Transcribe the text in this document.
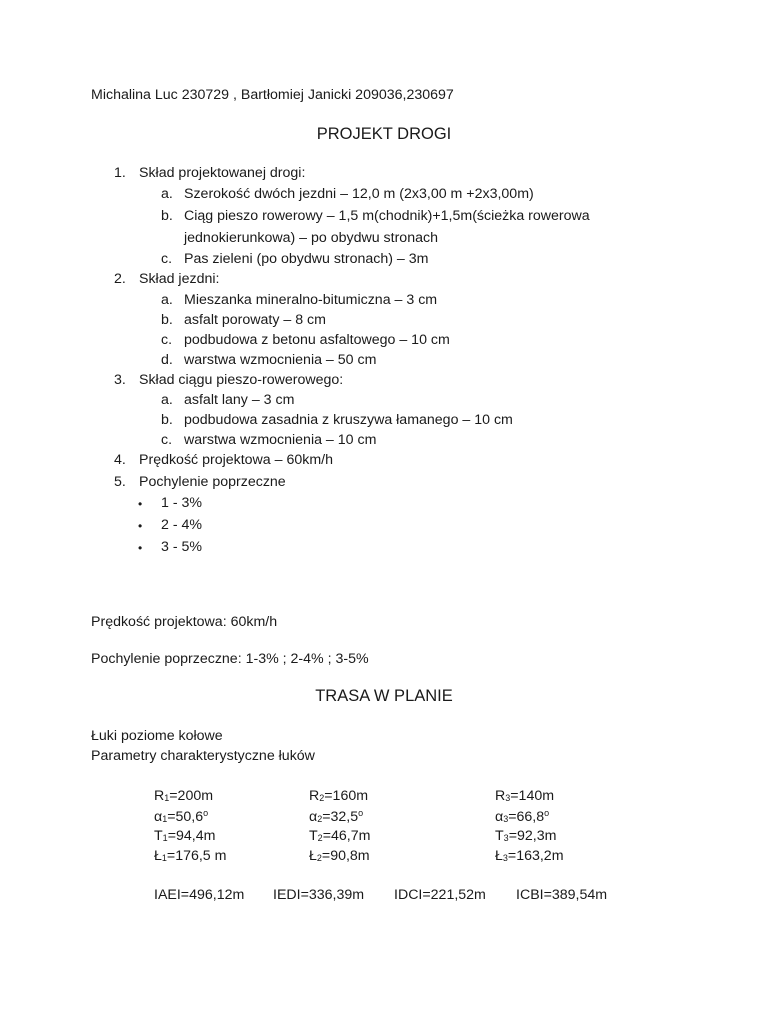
Michalina Luc 230729 , Bartłomiej Janicki 209036,230697
PROJEKT DROGI
1. Skład projektowanej drogi:
a. Szerokość dwóch jezdni – 12,0 m (2x3,00 m +2x3,00m)
b. Ciąg pieszo rowerowy – 1,5 m(chodnik)+1,5m(ścieżka rowerowa
jednokierunkowa) – po obydwu stronach
c. Pas zieleni (po obydwu stronach) – 3m
2. Skład jezdni:
a. Mieszanka mineralno-bitumiczna – 3 cm
b. asfalt porowaty – 8 cm
c. podbudowa z betonu asfaltowego – 10 cm
d. warstwa wzmocnienia – 50 cm
3. Skład ciągu pieszo-rowerowego:
a. asfalt lany – 3 cm
b. podbudowa zasadnia z kruszywa łamanego – 10 cm
c. warstwa wzmocnienia – 10 cm
4. Prędkość projektowa – 60km/h
5. Pochylenie poprzeczne
• 1 - 3%
• 2 - 4%
• 3 - 5%
Prędkość projektowa: 60km/h
Pochylenie poprzeczne: 1-3% ; 2-4% ; 3-5%
TRASA W PLANIE
Łuki poziome kołowe
Parametry charakterystyczne łuków
$R_1=200m$
$\alpha_1=50,6^o$
$T_1=94,4m$
$Ł_1=176,5$ m
$R_2=160m$
$\alpha_2=32,5^o$
$T_2=46,7m$
$Ł_2=90,8m$
$R_3=140m$
$\alpha_3=66,8^o$
$T_3=92,3m$
$Ł_3=163,2m$
IAEI=496,12m IEDI=336,39m IDCI=221,52m ICBI=389,54m
